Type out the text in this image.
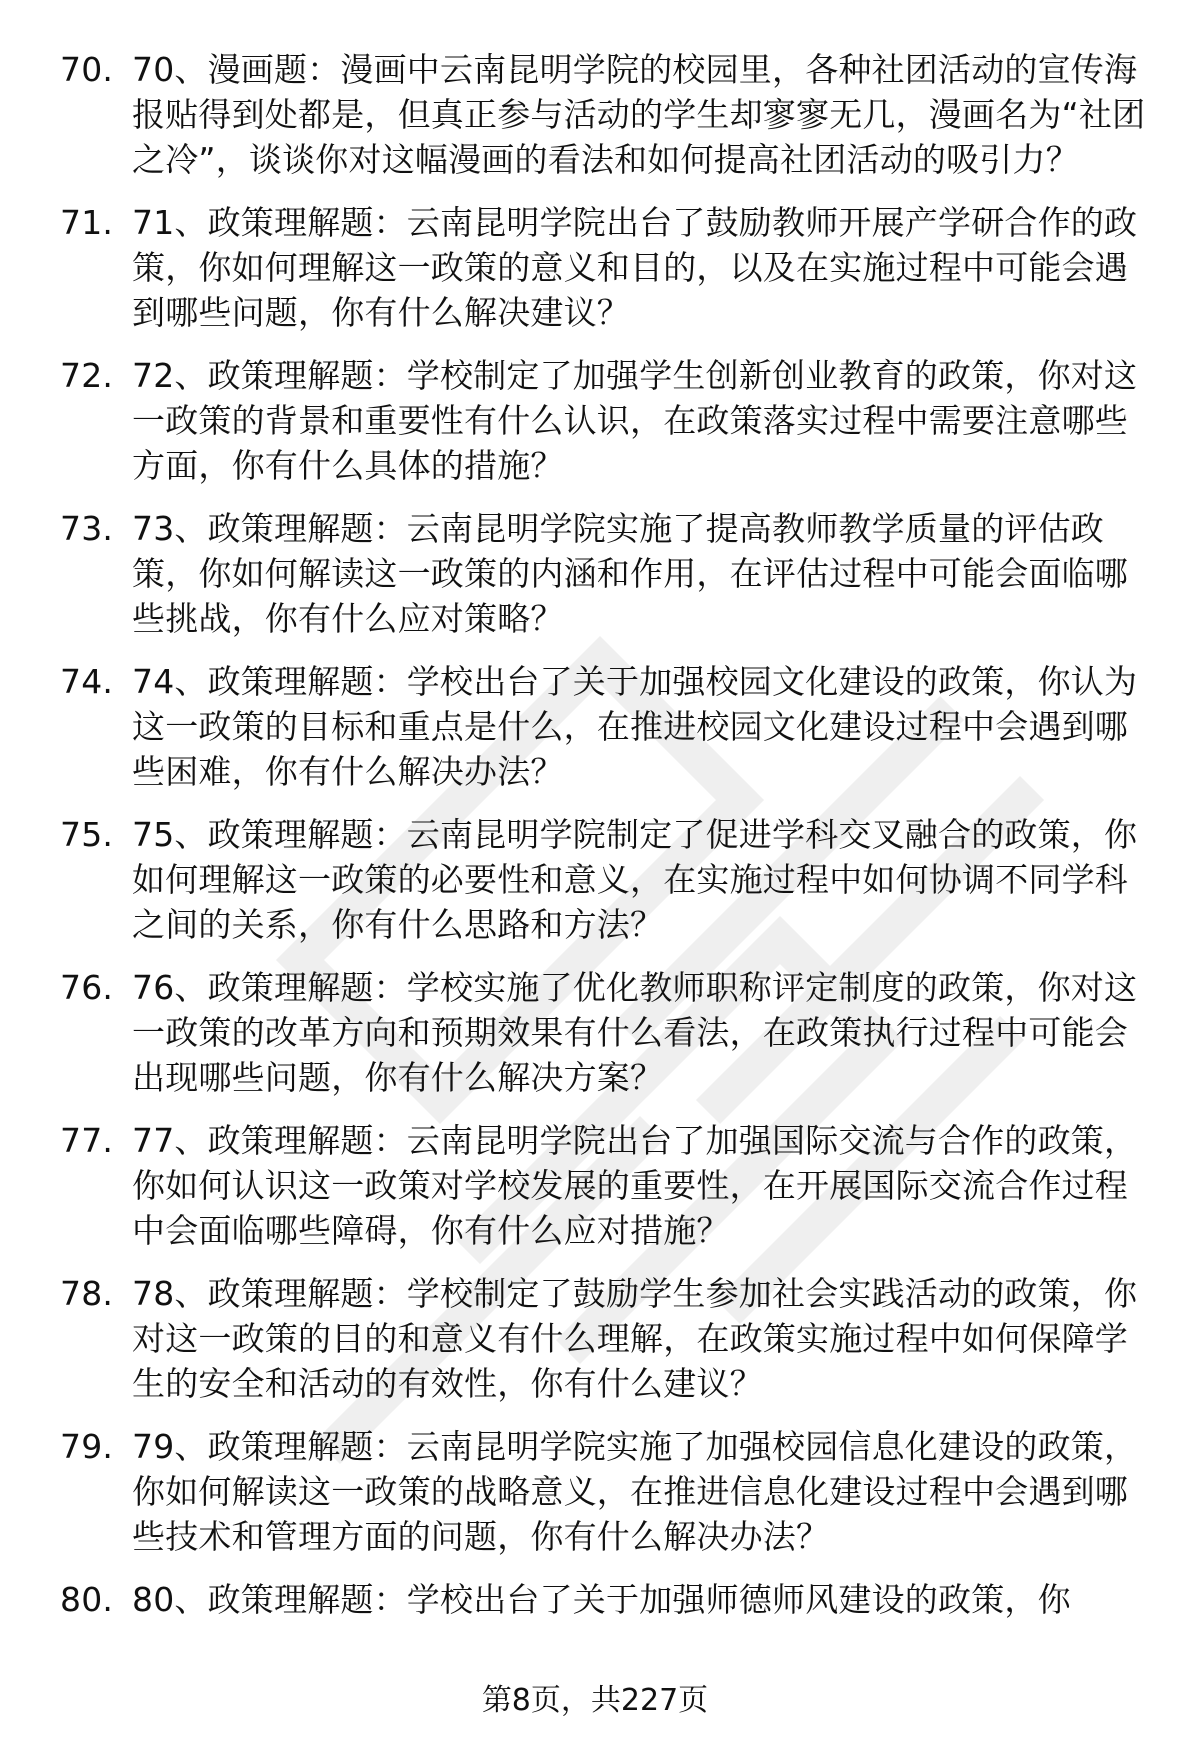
70. 70、漫画题：漫画中云南昆明学院的校园里，各种社团活动的宣传海报贴得到处都是，但真正参与活动的学生却寥寥无几，漫画名为“社团之冷”，谈谈你对这幅漫画的看法和如何提高社团活动的吸引力？
71. 71、政策理解题：云南昆明学院出台了鼓励教师开展产学研合作的政策，你如何理解这一政策的意义和目的，以及在实施过程中可能会遇到哪些问题，你有什么解决建议？
72. 72、政策理解题：学校制定了加强学生创新创业教育的政策，你对这一政策的背景和重要性有什么认识，在政策落实过程中需要注意哪些方面，你有什么具体的措施？
73. 73、政策理解题：云南昆明学院实施了提高教师教学质量的评估政策，你如何解读这一政策的内涵和作用，在评估过程中可能会面临哪些挑战，你有什么应对策略？
74. 74、政策理解题：学校出台了关于加强校园文化建设的政策，你认为这一政策的目标和重点是什么，在推进校园文化建设过程中会遇到哪些困难，你有什么解决办法？
75. 75、政策理解题：云南昆明学院制定了促进学科交叉融合的政策，你如何理解这一政策的必要性和意义，在实施过程中如何协调不同学科之间的关系，你有什么思路和方法？
76. 76、政策理解题：学校实施了优化教师职称评定制度的政策，你对这一政策的改革方向和预期效果有什么看法，在政策执行过程中可能会出现哪些问题，你有什么解决方案？
77. 77、政策理解题：云南昆明学院出台了加强国际交流与合作的政策，你如何认识这一政策对学校发展的重要性，在开展国际交流合作过程中会面临哪些障碍，你有什么应对措施？
78. 78、政策理解题：学校制定了鼓励学生参加社会实践活动的政策，你对这一政策的目的和意义有什么理解，在政策实施过程中如何保障学生的安全和活动的有效性，你有什么建议？
79. 79、政策理解题：云南昆明学院实施了加强校园信息化建设的政策，你如何解读这一政策的战略意义，在推进信息化建设过程中会遇到哪些技术和管理方面的问题，你有什么解决办法？
80. 80、政策理解题：学校出台了关于加强师德师风建设的政策，你
第8页，共227页
